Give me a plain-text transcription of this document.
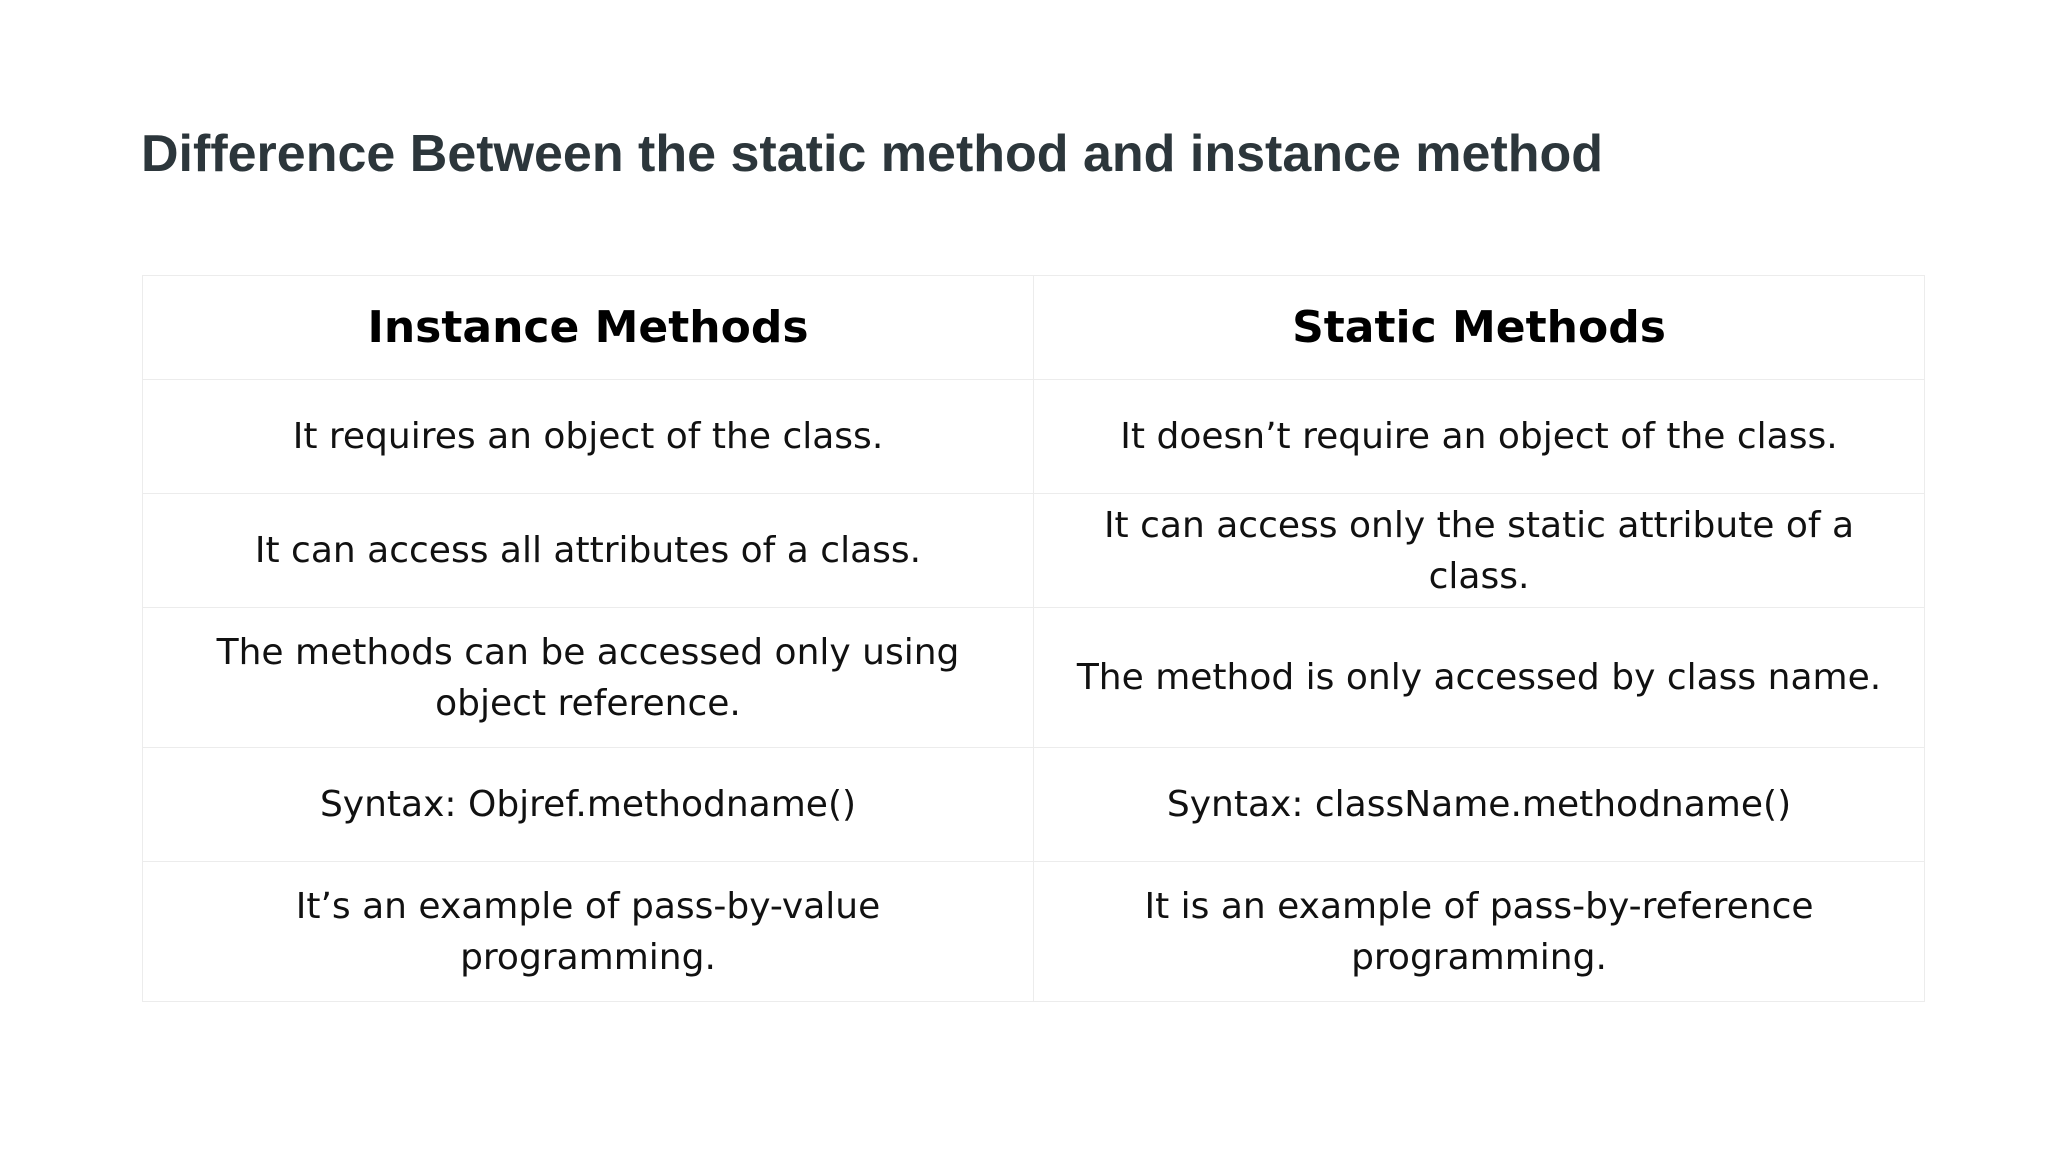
Difference Between the static method and instance method
Instance Methods	Static Methods
It requires an object of the class.	It doesn’t require an object of the class.
It can access all attributes of a class.	It can access only the static attribute of a class.
The methods can be accessed only using object reference.	The method is only accessed by class name.
Syntax: Objref.methodname()	Syntax: className.methodname()
It’s an example of pass-by-value programming.	It is an example of pass-by-reference programming.
